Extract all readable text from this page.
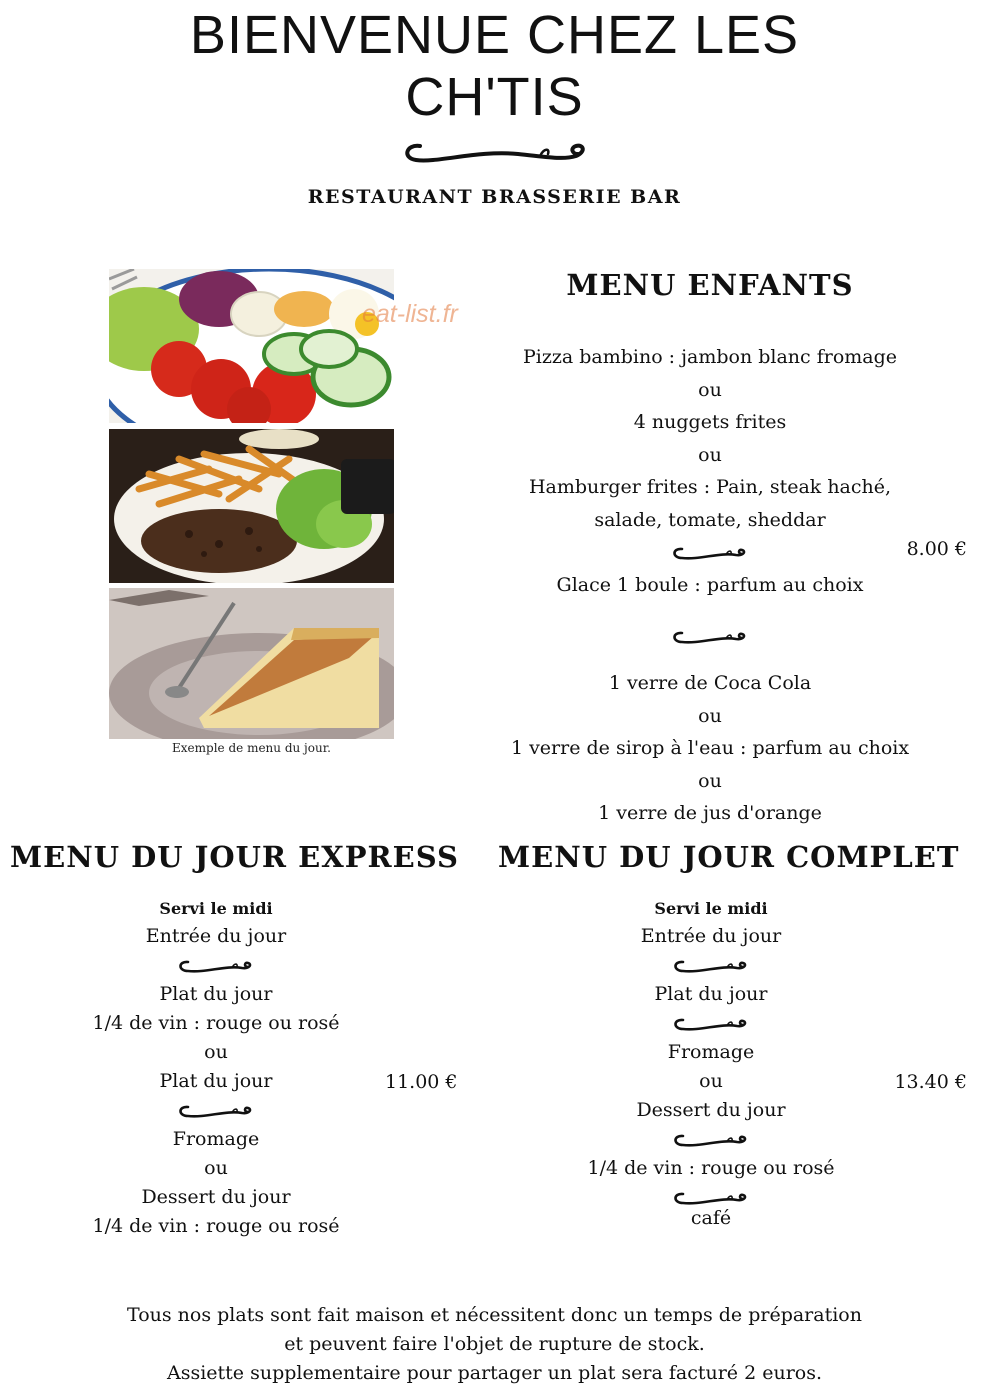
BIENVENUE CHEZ LES
CH'TIS
RESTAURANT BRASSERIE BAR
Exemple de menu du jour.
eat-list.fr
MENU ENFANTS
Pizza bambino : jambon blanc fromage
ou
4 nuggets frites
ou
Hamburger frites : Pain, steak haché,
salade, tomate, sheddar
Glace 1 boule : parfum au choix
1 verre de Coca Cola
ou
1 verre de sirop à l'eau : parfum au choix
ou
1 verre de jus d'orange
8.00 €
MENU DU JOUR EXPRESS
Servi le midi
Entrée du jour
Plat du jour
1/4 de vin : rouge ou rosé
ou
Plat du jour
Fromage
ou
Dessert du jour
1/4 de vin : rouge ou rosé
11.00 €
MENU DU JOUR COMPLET
Servi le midi
Entrée du jour
Plat du jour
Fromage
ou
Dessert du jour
1/4 de vin : rouge ou rosé
café
13.40 €
Tous nos plats sont fait maison et nécessitent donc un temps de préparation
et peuvent faire l'objet de rupture de stock.
Assiette supplementaire pour partager un plat sera facturé 2 euros.
